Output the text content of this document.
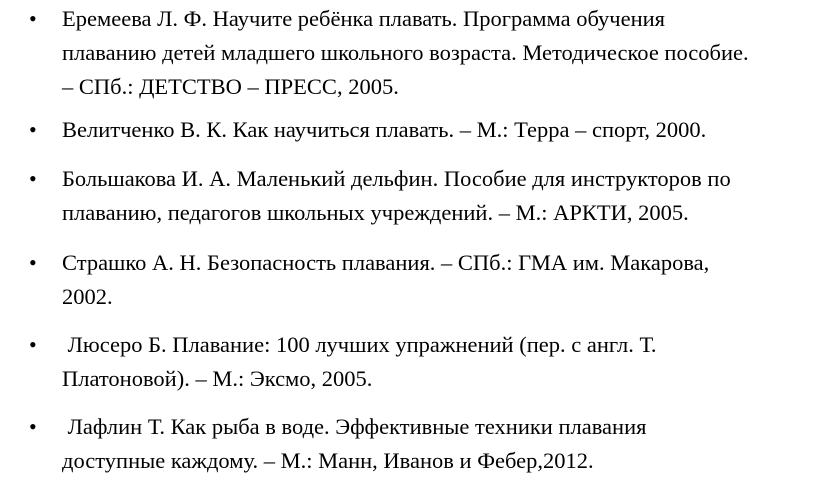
• Еремеева Л. Ф. Научите ребёнка плавать. Программа обучения
плаванию детей младшего школьного возраста. Методическое пособие.
– СПб.: ДЕТСТВО – ПРЕСС, 2005.
• Велитченко В. К. Как научиться плавать. – М.: Терра – спорт, 2000.
• Большакова И. А. Маленький дельфин. Пособие для инструкторов по
плаванию, педагогов школьных учреждений. – М.: АРКТИ, 2005.
• Страшко А. Н. Безопасность плавания. – СПб.: ГМА им. Макарова,
2002.
• Люсеро Б. Плавание: 100 лучших упражнений (пер. с англ. Т.
Платоновой). – М.: Эксмо, 2005.
• Лафлин Т. Как рыба в воде. Эффективные техники плавания
доступные каждому. – М.: Манн, Иванов и Фебер,2012.
